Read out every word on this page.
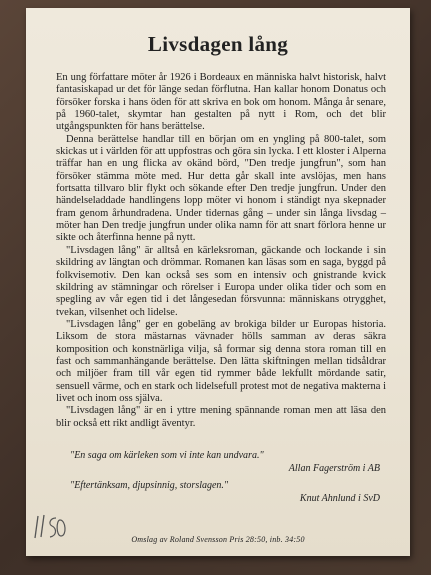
Livsdagen lång

En ung författare möter år 1926 i Bordeaux en människa halvt historisk, halvt fantasiskapad ur det för länge sedan förflutna. Han kallar honom Donatus och försöker forska i hans öden för att skriva en bok om honom. Många år senare, på 1960-talet, skymtar han gestalten på nytt i Rom, och det blir utgångspunkten för hans berättelse.

Denna berättelse handlar till en början om en yngling på 800-talet, som skickas ut i världen för att uppfostras och göra sin lycka. I ett kloster i Alperna träffar han en ung flicka av okänd börd, "Den tredje jungfrun", som han försöker stämma möte med. Hur detta går skall inte avslöjas, men hans fortsatta tillvaro blir flykt och sökande efter Den tredje jungfrun. Under den händelseladdade handlingens lopp möter vi honom i ständigt nya skepnader fram genom århundradena. Under tidernas gång – under sin långa livsdag – möter han Den tredje jungfrun under olika namn för att snart förlora henne ur sikte och återfinna henne på nytt.

"Livsdagen lång" är alltså en kärleksroman, gäckande och lockande i sin skildring av längtan och drömmar. Romanen kan läsas som en saga, byggd på folkvisemotiv. Den kan också ses som en intensiv och gnistrande kvick skildring av stämningar och rörelser i Europa under olika tider och som en spegling av vår egen tid i det långesedan försvunna: människans otrygghet, tvekan, vilsenhet och lidelse.

"Livsdagen lång" ger en gobeläng av brokiga bilder ur Europas historia. Liksom de stora mästarnas vävnader hölls samman av deras säkra komposition och konstnärliga vilja, så formar sig denna stora roman till en fast och sammanhängande berättelse. Den lätta skiftningen mellan tidsåldrar och miljöer fram till vår egen tid rymmer både lekfullt mördande satir, sensuell värme, och en stark och lidelsefull protest mot de negativa makterna i livet och inom oss själva.

"Livsdagen lång" är en i yttre mening spännande roman men att läsa den blir också ett rikt andligt äventyr.

"En saga om kärleken som vi inte kan undvara."
Allan Fagerström i AB
"Eftertänksam, djupsinnig, storslagen."
Knut Ahnlund i SvD
Omslag av Roland Svensson Pris 28:50, inb. 34:50
